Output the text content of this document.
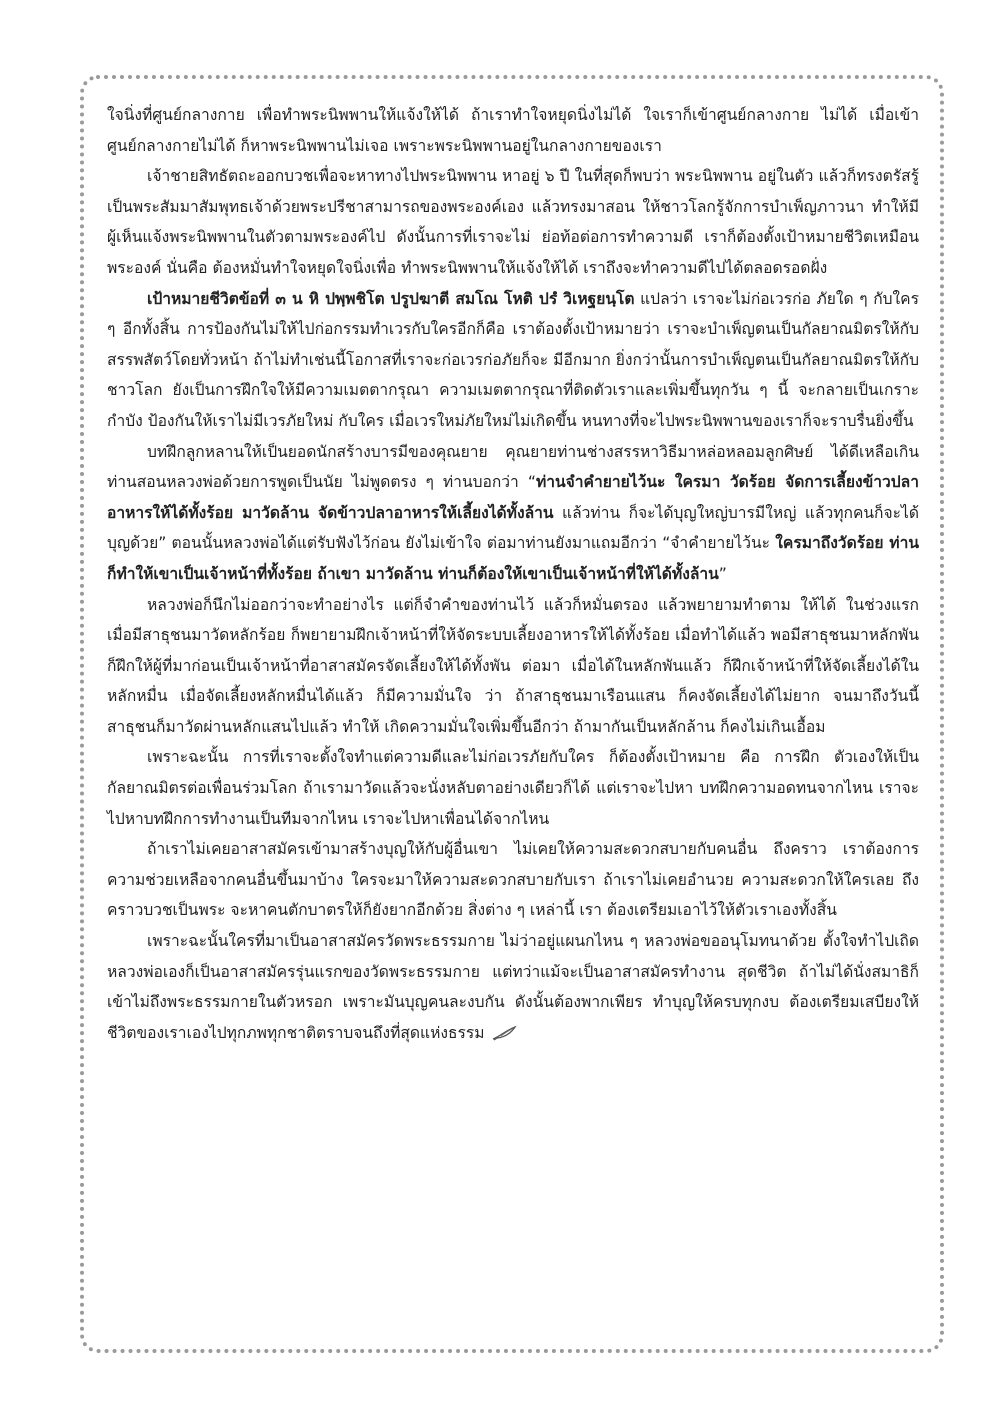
ใจนิ่งที่ศูนย์กลางกาย เพื่อทำพระนิพพานให้แจ้งให้ได้ ถ้าเราทำใจหยุดนิ่งไม่ได้ ใจเราก็เข้าศูนย์กลางกาย ไม่ได้ เมื่อเข้าศูนย์กลางกายไม่ได้ ก็หาพระนิพพานไม่เจอ เพราะพระนิพพานอยู่ในกลางกายของเรา

เจ้าชายสิทธัตถะออกบวชเพื่อจะหาทางไปพระนิพพาน หาอยู่ ๖ ปี ในที่สุดก็พบว่า พระนิพพาน อยู่ในตัว แล้วก็ทรงตรัสรู้เป็นพระสัมมาสัมพุทธเจ้าด้วยพระปรีชาสามารถของพระองค์เอง แล้วทรงมาสอน ให้ชาวโลกรู้จักการบำเพ็ญภาวนา ทำให้มีผู้เห็นแจ้งพระนิพพานในตัวตามพระองค์ไป ดังนั้นการที่เราจะไม่ ย่อท้อต่อการทำความดี เราก็ต้องตั้งเป้าหมายชีวิตเหมือนพระองค์ นั่นคือ ต้องหมั่นทำใจหยุดใจนิ่งเพื่อ ทำพระนิพพานให้แจ้งให้ได้ เราถึงจะทำความดีไปได้ตลอดรอดฝั่ง

เป้าหมายชีวิตข้อที่ ๓ น หิ ปพฺพชิโต ปรูปฆาตี สมโณ โหติ ปรํ วิเหฐยนฺโต แปลว่า เราจะไม่ก่อเวรก่อ ภัยใด ๆ กับใคร ๆ อีกทั้งสิ้น การป้องกันไม่ให้ไปก่อกรรมทำเวรกับใครอีกก็คือ เราต้องตั้งเป้าหมายว่า เราจะบำเพ็ญตนเป็นกัลยาณมิตรให้กับสรรพสัตว์โดยทั่วหน้า ถ้าไม่ทำเช่นนี้โอกาสที่เราจะก่อเวรก่อภัยก็จะ มีอีกมาก ยิ่งกว่านั้นการบำเพ็ญตนเป็นกัลยาณมิตรให้กับชาวโลก ยังเป็นการฝึกใจให้มีความเมตตากรุณา ความเมตตากรุณาที่ติดตัวเราและเพิ่มขึ้นทุกวัน ๆ นี้ จะกลายเป็นเกราะกำบัง ป้องกันให้เราไม่มีเวรภัยใหม่ กับใคร เมื่อเวรใหม่ภัยใหม่ไม่เกิดขึ้น หนทางที่จะไปพระนิพพานของเราก็จะราบรื่นยิ่งขึ้น

บทฝึกลูกหลานให้เป็นยอดนักสร้างบารมีของคุณยาย คุณยายท่านช่างสรรหาวิธีมาหล่อหลอมลูกศิษย์ ได้ดีเหลือเกิน ท่านสอนหลวงพ่อด้วยการพูดเป็นนัย ไม่พูดตรง ๆ ท่านบอกว่า “ท่านจำคำยายไว้นะ ใครมา วัดร้อย จัดการเลี้ยงข้าวปลาอาหารให้ได้ทั้งร้อย มาวัดล้าน จัดข้าวปลาอาหารให้เลี้ยงได้ทั้งล้าน แล้วท่าน ก็จะได้บุญใหญ่บารมีใหญ่ แล้วทุกคนก็จะได้บุญด้วย” ตอนนั้นหลวงพ่อได้แต่รับฟังไว้ก่อน ยังไม่เข้าใจ ต่อมาท่านยังมาแถมอีกว่า “จำคำยายไว้นะ ใครมาถึงวัดร้อย ท่านก็ทำให้เขาเป็นเจ้าหน้าที่ทั้งร้อย ถ้าเขา มาวัดล้าน ท่านก็ต้องให้เขาเป็นเจ้าหน้าที่ให้ได้ทั้งล้าน”

หลวงพ่อก็นึกไม่ออกว่าจะทำอย่างไร แต่ก็จำคำของท่านไว้ แล้วก็หมั่นตรอง แล้วพยายามทำตาม ให้ได้ ในช่วงแรก เมื่อมีสาธุชนมาวัดหลักร้อย ก็พยายามฝึกเจ้าหน้าที่ให้จัดระบบเลี้ยงอาหารให้ได้ทั้งร้อย เมื่อทำได้แล้ว พอมีสาธุชนมาหลักพัน ก็ฝึกให้ผู้ที่มาก่อนเป็นเจ้าหน้าที่อาสาสมัครจัดเลี้ยงให้ได้ทั้งพัน ต่อมา เมื่อได้ในหลักพันแล้ว ก็ฝึกเจ้าหน้าที่ให้จัดเลี้ยงได้ในหลักหมื่น เมื่อจัดเลี้ยงหลักหมื่นได้แล้ว ก็มีความมั่นใจ ว่า ถ้าสาธุชนมาเรือนแสน ก็คงจัดเลี้ยงได้ไม่ยาก จนมาถึงวันนี้ สาธุชนก็มาวัดผ่านหลักแสนไปแล้ว ทำให้ เกิดความมั่นใจเพิ่มขึ้นอีกว่า ถ้ามากันเป็นหลักล้าน ก็คงไม่เกินเอื้อม

เพราะฉะนั้น การที่เราจะตั้งใจทำแต่ความดีและไม่ก่อเวรภัยกับใคร ก็ต้องตั้งเป้าหมาย คือ การฝึก ตัวเองให้เป็นกัลยาณมิตรต่อเพื่อนร่วมโลก ถ้าเรามาวัดแล้วจะนั่งหลับตาอย่างเดียวก็ได้ แต่เราจะไปหา บทฝึกความอดทนจากไหน เราจะไปหาบทฝึกการทำงานเป็นทีมจากไหน เราจะไปหาเพื่อนได้จากไหน

ถ้าเราไม่เคยอาสาสมัครเข้ามาสร้างบุญให้กับผู้อื่นเขา ไม่เคยให้ความสะดวกสบายกับคนอื่น ถึงคราว เราต้องการความช่วยเหลือจากคนอื่นขึ้นมาบ้าง ใครจะมาให้ความสะดวกสบายกับเรา ถ้าเราไม่เคยอำนวย ความสะดวกให้ใครเลย ถึงคราวบวชเป็นพระ จะหาคนตักบาตรให้ก็ยังยากอีกด้วย สิ่งต่าง ๆ เหล่านี้ เรา ต้องเตรียมเอาไว้ให้ตัวเราเองทั้งสิ้น

เพราะฉะนั้นใครที่มาเป็นอาสาสมัครวัดพระธรรมกาย ไม่ว่าอยู่แผนกไหน ๆ หลวงพ่อขออนุโมทนาด้วย ตั้งใจทำไปเถิด หลวงพ่อเองก็เป็นอาสาสมัครรุ่นแรกของวัดพระธรรมกาย แต่ทว่าแม้จะเป็นอาสาสมัครทำงาน สุดชีวิต ถ้าไม่ได้นั่งสมาธิก็เข้าไม่ถึงพระธรรมกายในตัวหรอก เพราะมันบุญคนละงบกัน ดังนั้นต้องพากเพียร ทำบุญให้ครบทุกงบ ต้องเตรียมเสบียงให้ชีวิตของเราเองไปทุกภพทุกชาติตราบจนถึงที่สุดแห่งธรรม
